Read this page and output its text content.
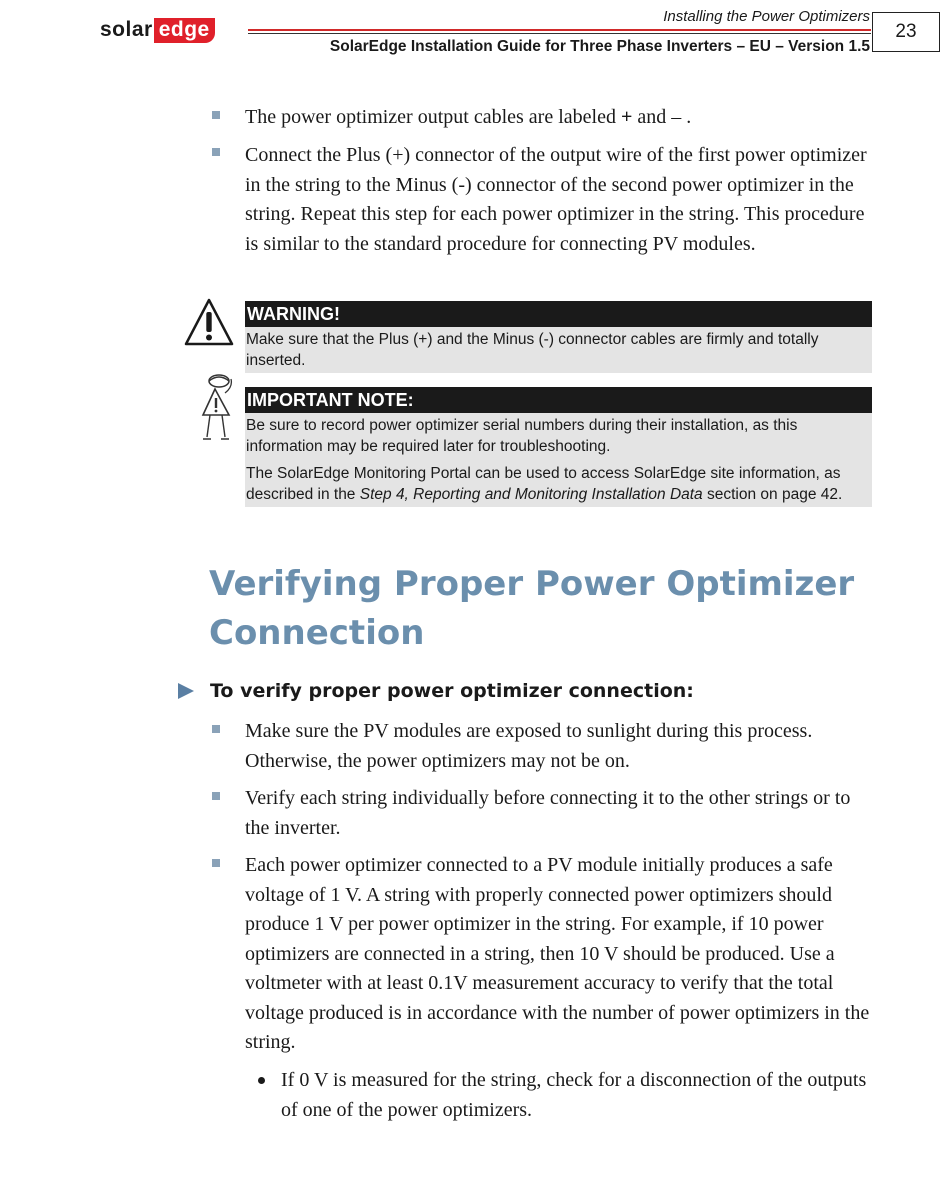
solar edge
Installing the Power Optimizers
SolarEdge Installation Guide for Three Phase Inverters – EU – Version 1.5
23
The power optimizer output cables are labeled + and – .
Connect the Plus (+) connector of the output wire of the first power optimizer in the string to the Minus (-) connector of the second power optimizer in the string. Repeat this step for each power optimizer in the string. This procedure is similar to the standard procedure for connecting PV modules.
WARNING!

Make sure that the Plus (+) and the Minus (-) connector cables are firmly and totally inserted.

IMPORTANT NOTE:

Be sure to record power optimizer serial numbers during their installation, as this information may be required later for troubleshooting.

The SolarEdge Monitoring Portal can be used to access SolarEdge site information, as described in the Step 4, Reporting and Monitoring Installation Data section on page 42.

Verifying Proper Power Optimizer Connection
To verify proper power optimizer connection:
Make sure the PV modules are exposed to sunlight during this process. Otherwise, the power optimizers may not be on.
Verify each string individually before connecting it to the other strings or to the inverter.
Each power optimizer connected to a PV module initially produces a safe voltage of 1 V. A string with properly connected power optimizers should produce 1 V per power optimizer in the string. For example, if 10 power optimizers are connected in a string, then 10 V should be produced. Use a voltmeter with at least 0.1V measurement accuracy to verify that the total voltage produced is in accordance with the number of power optimizers in the string.
If 0 V is measured for the string, check for a disconnection of the outputs of one of the power optimizers.
